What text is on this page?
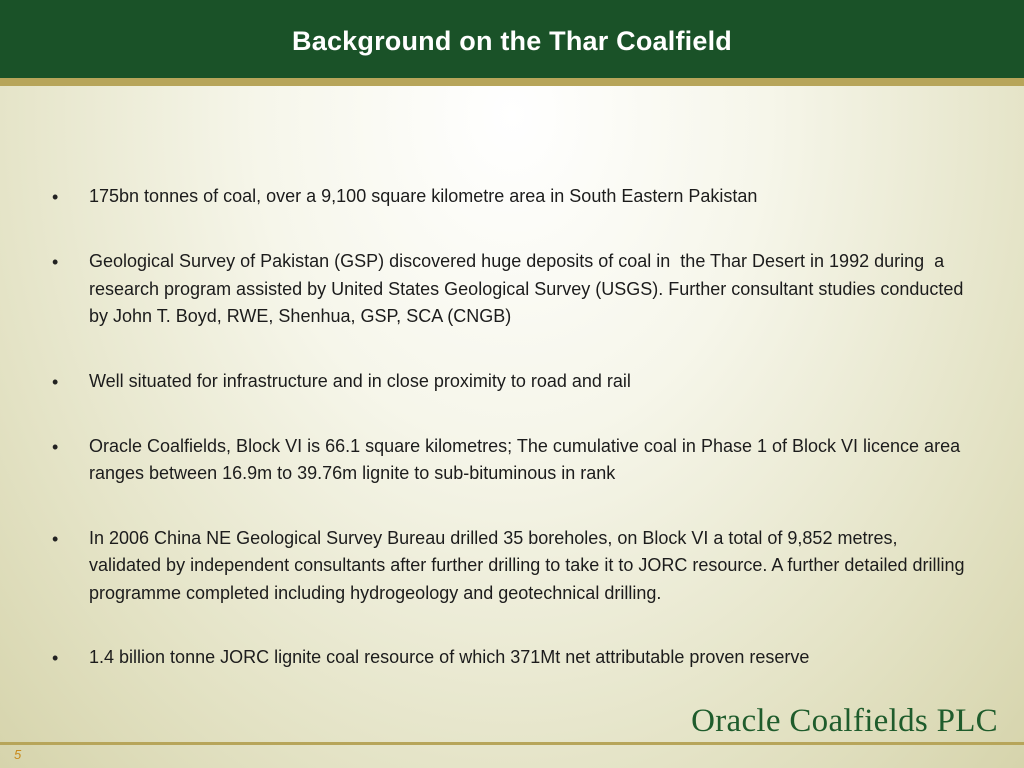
Background on the Thar Coalfield
•	175bn tonnes of coal, over a 9,100 square kilometre area in South Eastern Pakistan
•	Geological Survey of Pakistan (GSP) discovered huge deposits of coal in  the Thar Desert in 1992 during  a research program assisted by United States Geological Survey (USGS). Further consultant studies conducted by John T. Boyd, RWE, Shenhua, GSP, SCA (CNGB)
•	Well situated for infrastructure and in close proximity to road and rail
•	Oracle Coalfields, Block VI is 66.1 square kilometres; The cumulative coal in Phase 1 of Block VI licence area ranges between 16.9m to 39.76m lignite to sub-bituminous in rank
•	In 2006 China NE Geological Survey Bureau drilled 35 boreholes, on Block VI a total of 9,852 metres, validated by independent consultants after further drilling to take it to JORC resource. A further detailed drilling programme completed including hydrogeology and geotechnical drilling.
•	1.4 billion tonne JORC lignite coal resource of which 371Mt net attributable proven reserve
Oracle Coalfields PLC
5
